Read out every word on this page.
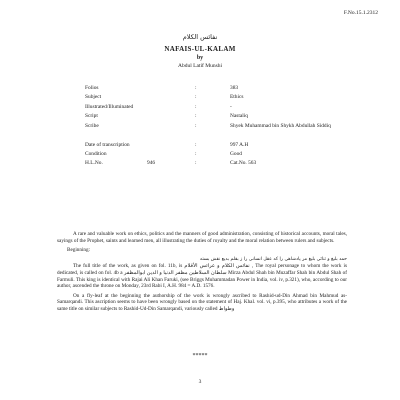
F.No.15.1.2312
نفائس الكلام
NAFAIS-UL-KALAM
by
Abdul Latif Munshi
Folios	:	383
Subject	:	Ethics
Illustrated/Illuminated	:	-
Script	:	Nastaliq
Scribe	:	Shyek Muhammad bin Shykh Abdullah Siddiq
Date of transcription	:	997 A.H
Condition	:	Good
H.L.No.	946	:	Cat.No. 563

A rare and valuable work on ethics, politics and the manners of good administration, consisting of historical accounts, moral tales, sayings of the Prophet, saints and learned men, all illustrating the duties of royalty and the moral relation between rulers and subjects.

Beginning:

حمد بلیغ و ثنائی بلیغ مر پادشاهی را که عقل انسانی را ز بقلم بدیع نقش بسته

The full title of the work, as given on fol. 11b, is نفائس الکلام و عرائس الأقلام , The royal personage to whom the work is dedicated, is called on fol. 4b a سلطان السلاطین مظفر الدنیا و الدین ابوالمظفر Mirza Abdul Shah bin Muzaffar Shah bin Abdul Shah of Farmuli. This king is identical with Rajai Ali Khan Faruki, (see Briggs Muhammadan Power in India, vol. iv, p.321), who, according to our author, ascended the throne on Monday, 23rd Rabi I, A.H. 984 = A.D. 1576.

On a fly-leaf at the beginning the authorship of the work is wrongly ascribed to Rashid-ud-Din Ahmad bin Mahmud as-Samarqandi. This ascription seems to have been wrongly based on the statement of Haj. Khal. vol. vi, p.395, who attributes a work of the same title on similar subjects to Rashid-Ud-Din Samarqandi, variously called وطواط

*****
3
